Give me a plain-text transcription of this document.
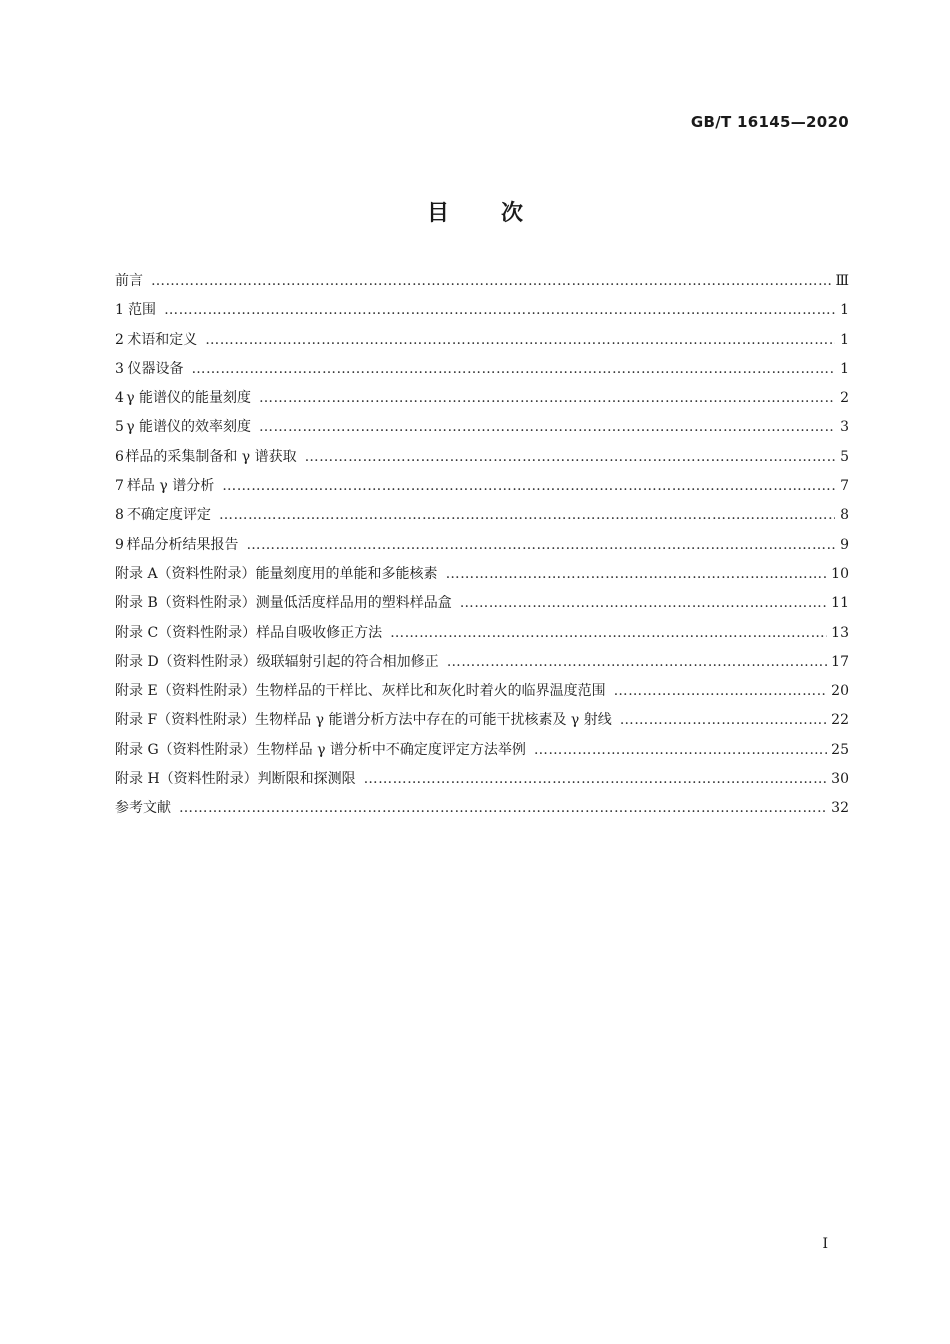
GB/T 16145—2020
目次
前言 …………………………………………………………………………………………………………………………………………………………………………………………………………………………………	Ⅲ
1 范围 …………………………………………………………………………………………………………………………………………………………………………………………………………………………………	1
2 术语和定义 …………………………………………………………………………………………………………………………………………………………………………………………………………………………………	1
3 仪器设备 …………………………………………………………………………………………………………………………………………………………………………………………………………………………………	1
4 γ 能谱仪的能量刻度 …………………………………………………………………………………………………………………………………………………………………………………………………………………………………	2
5 γ 能谱仪的效率刻度 …………………………………………………………………………………………………………………………………………………………………………………………………………………………………	3
6 样品的采集制备和 γ 谱获取 …………………………………………………………………………………………………………………………………………………………………………………………………………………………………	5
7 样品 γ 谱分析 …………………………………………………………………………………………………………………………………………………………………………………………………………………………………	7
8 不确定度评定 …………………………………………………………………………………………………………………………………………………………………………………………………………………………………	8
9 样品分析结果报告 …………………………………………………………………………………………………………………………………………………………………………………………………………………………………	9
附录 A（资料性附录） 能量刻度用的单能和多能核素 …………………………………………………………………………………………………………………………………………………………………………………………………………………………………	10
附录 B（资料性附录） 测量低活度样品用的塑料样品盒 …………………………………………………………………………………………………………………………………………………………………………………………………………………………………	11
附录 C（资料性附录） 样品自吸收修正方法 …………………………………………………………………………………………………………………………………………………………………………………………………………………………………	13
附录 D（资料性附录） 级联辐射引起的符合相加修正 …………………………………………………………………………………………………………………………………………………………………………………………………………………………………	17
附录 E（资料性附录） 生物样品的干样比、灰样比和灰化时着火的临界温度范围 …………………………………………………………………………………………………………………………………………………………………………………………………………………………………	20
附录 F（资料性附录） 生物样品 γ 能谱分析方法中存在的可能干扰核素及 γ 射线 …………………………………………………………………………………………………………………………………………………………………………………………………………………………………	22
附录 G（资料性附录） 生物样品 γ 谱分析中不确定度评定方法举例 …………………………………………………………………………………………………………………………………………………………………………………………………………………………………	25
附录 H（资料性附录） 判断限和探测限 …………………………………………………………………………………………………………………………………………………………………………………………………………………………………	30
参考文献 …………………………………………………………………………………………………………………………………………………………………………………………………………………………………	32
Ⅰ
